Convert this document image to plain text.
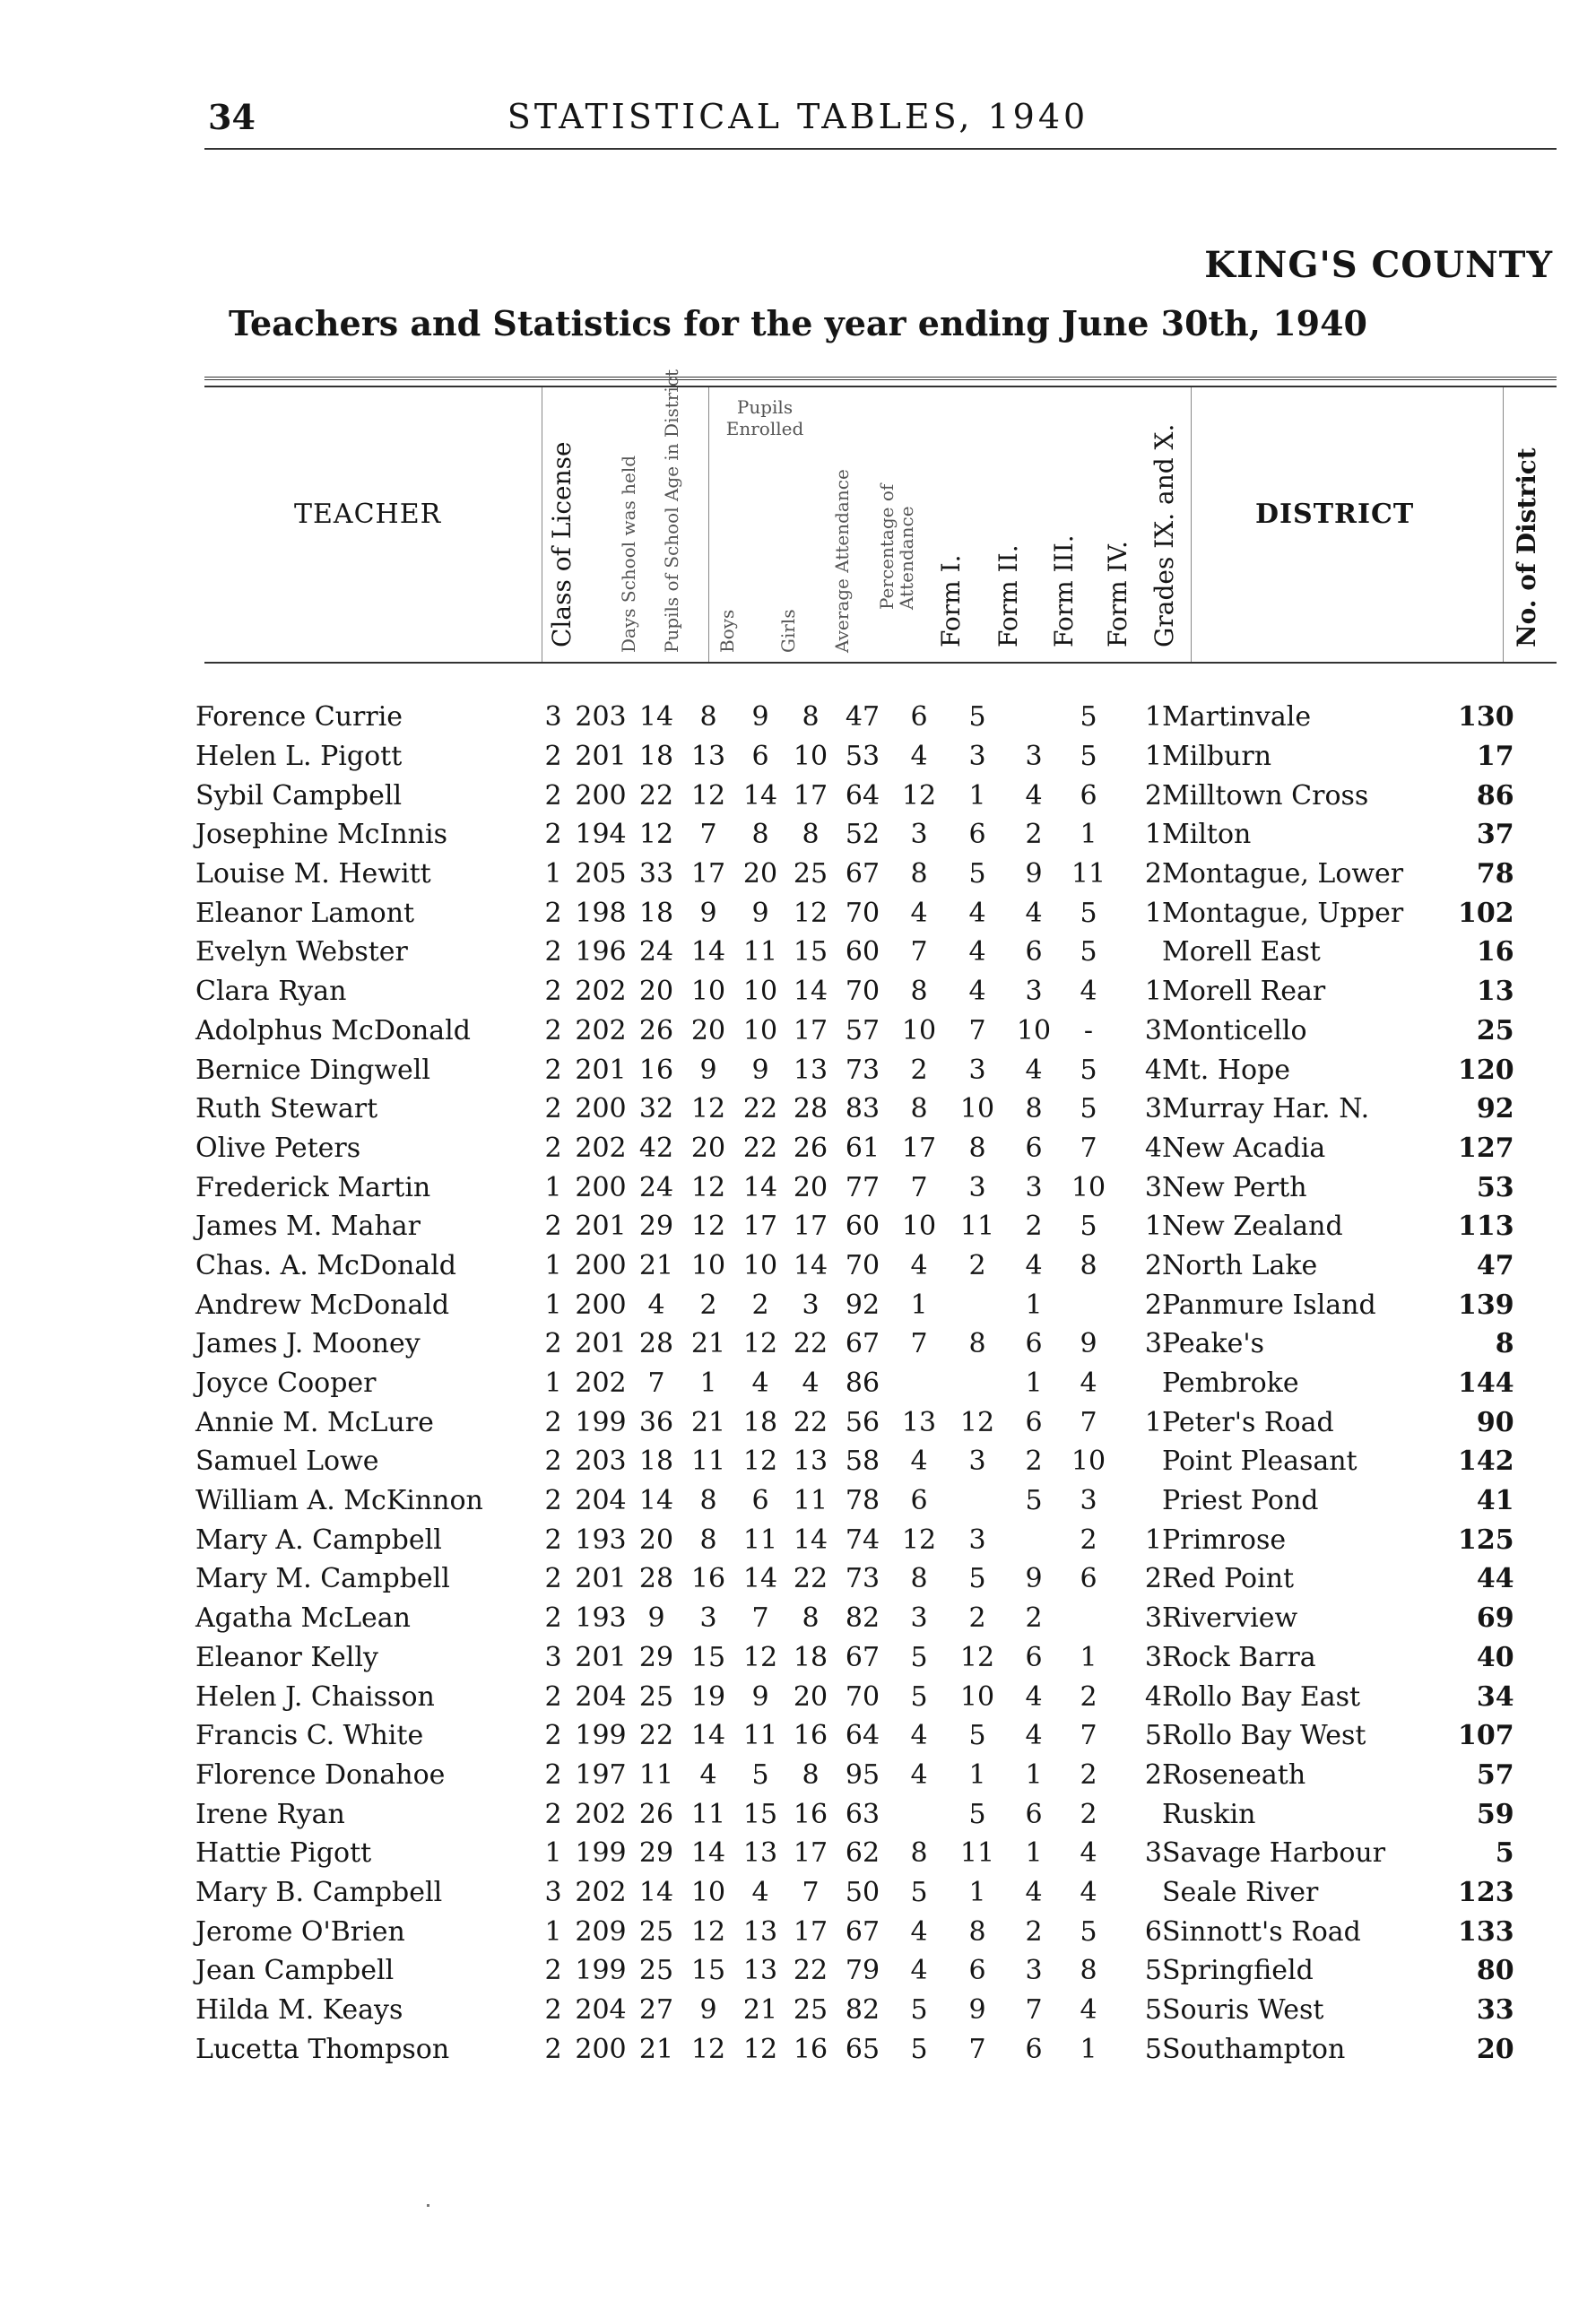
34	STATISTICAL TABLES, 1940
KING'S COUNTY
Teachers and Statistics for the year ending June 30th, 1940
TEACHER	DISTRICT
Pupils Enrolled
Class of License Days School was held Pupils of School Age in District Boys Girls Average Attendance Percentage of Attendance Form I. Form II. Form III. Form IV. Grades IX. and X.	No. of District
Forence Currie	3	203	14	8	9	8	47	6	5		5	1	Martinvale	130
Helen L. Pigott	2	201	18	13	6	10	53	4	3	3	5	1	Milburn	17
Sybil Campbell	2	200	22	12	14	17	64	12	1	4	6	2	Milltown Cross	86
Josephine McInnis	2	194	12	7	8	8	52	3	6	2	1	1	Milton	37
Louise M. Hewitt	1	205	33	17	20	25	67	8	5	9	11	2	Montague, Lower	78
Eleanor Lamont	2	198	18	9	9	12	70	4	4	4	5	1	Montague, Upper	102
Evelyn Webster	2	196	24	14	11	15	60	7	4	6	5		Morell East	16
Clara Ryan	2	202	20	10	10	14	70	8	4	3	4	1	Morell Rear	13
Adolphus McDonald	2	202	26	20	10	17	57	10	7	10	-	3	Monticello	25
Bernice Dingwell	2	201	16	9	9	13	73	2	3	4	5	4	Mt. Hope	120
Ruth Stewart	2	200	32	12	22	28	83	8	10	8	5	3	Murray Har. N.	92
Olive Peters	2	202	42	20	22	26	61	17	8	6	7	4	New Acadia	127
Frederick Martin	1	200	24	12	14	20	77	7	3	3	10	3	New Perth	53
James M. Mahar	2	201	29	12	17	17	60	10	11	2	5	1	New Zealand	113
Chas. A. McDonald	1	200	21	10	10	14	70	4	2	4	8	2	North Lake	47
Andrew McDonald	1	200	4	2	2	3	92	1		1		2	Panmure Island	139
James J. Mooney	2	201	28	21	12	22	67	7	8	6	9	3	Peake's	8
Joyce Cooper	1	202	7	1	4	4	86			1	4		Pembroke	144
Annie M. McLure	2	199	36	21	18	22	56	13	12	6	7	1	Peter's Road	90
Samuel Lowe	2	203	18	11	12	13	58	4	3	2	10		Point Pleasant	142
William A. McKinnon	2	204	14	8	6	11	78	6		5	3		Priest Pond	41
Mary A. Campbell	2	193	20	8	11	14	74	12	3		2	1	Primrose	125
Mary M. Campbell	2	201	28	16	14	22	73	8	5	9	6	2	Red Point	44
Agatha McLean	2	193	9	3	7	8	82	3	2	2		3	Riverview	69
Eleanor Kelly	3	201	29	15	12	18	67	5	12	6	1	3	Rock Barra	40
Helen J. Chaisson	2	204	25	19	9	20	70	5	10	4	2	4	Rollo Bay East	34
Francis C. White	2	199	22	14	11	16	64	4	5	4	7	5	Rollo Bay West	107
Florence Donahoe	2	197	11	4	5	8	95	4	1	1	2	2	Roseneath	57
Irene Ryan	2	202	26	11	15	16	63		5	6	2		Ruskin	59
Hattie Pigott	1	199	29	14	13	17	62	8	11	1	4	3	Savage Harbour	5
Mary B. Campbell	3	202	14	10	4	7	50	5	1	4	4		Seale River	123
Jerome O'Brien	1	209	25	12	13	17	67	4	8	2	5	6	Sinnott's Road	133
Jean Campbell	2	199	25	15	13	22	79	4	6	3	8	5	Springfield	80
Hilda M. Keays	2	204	27	9	21	25	82	5	9	7	4	5	Souris West	33
Lucetta Thompson	2	200	21	12	12	16	65	5	7	6	1	5	Southampton	20
